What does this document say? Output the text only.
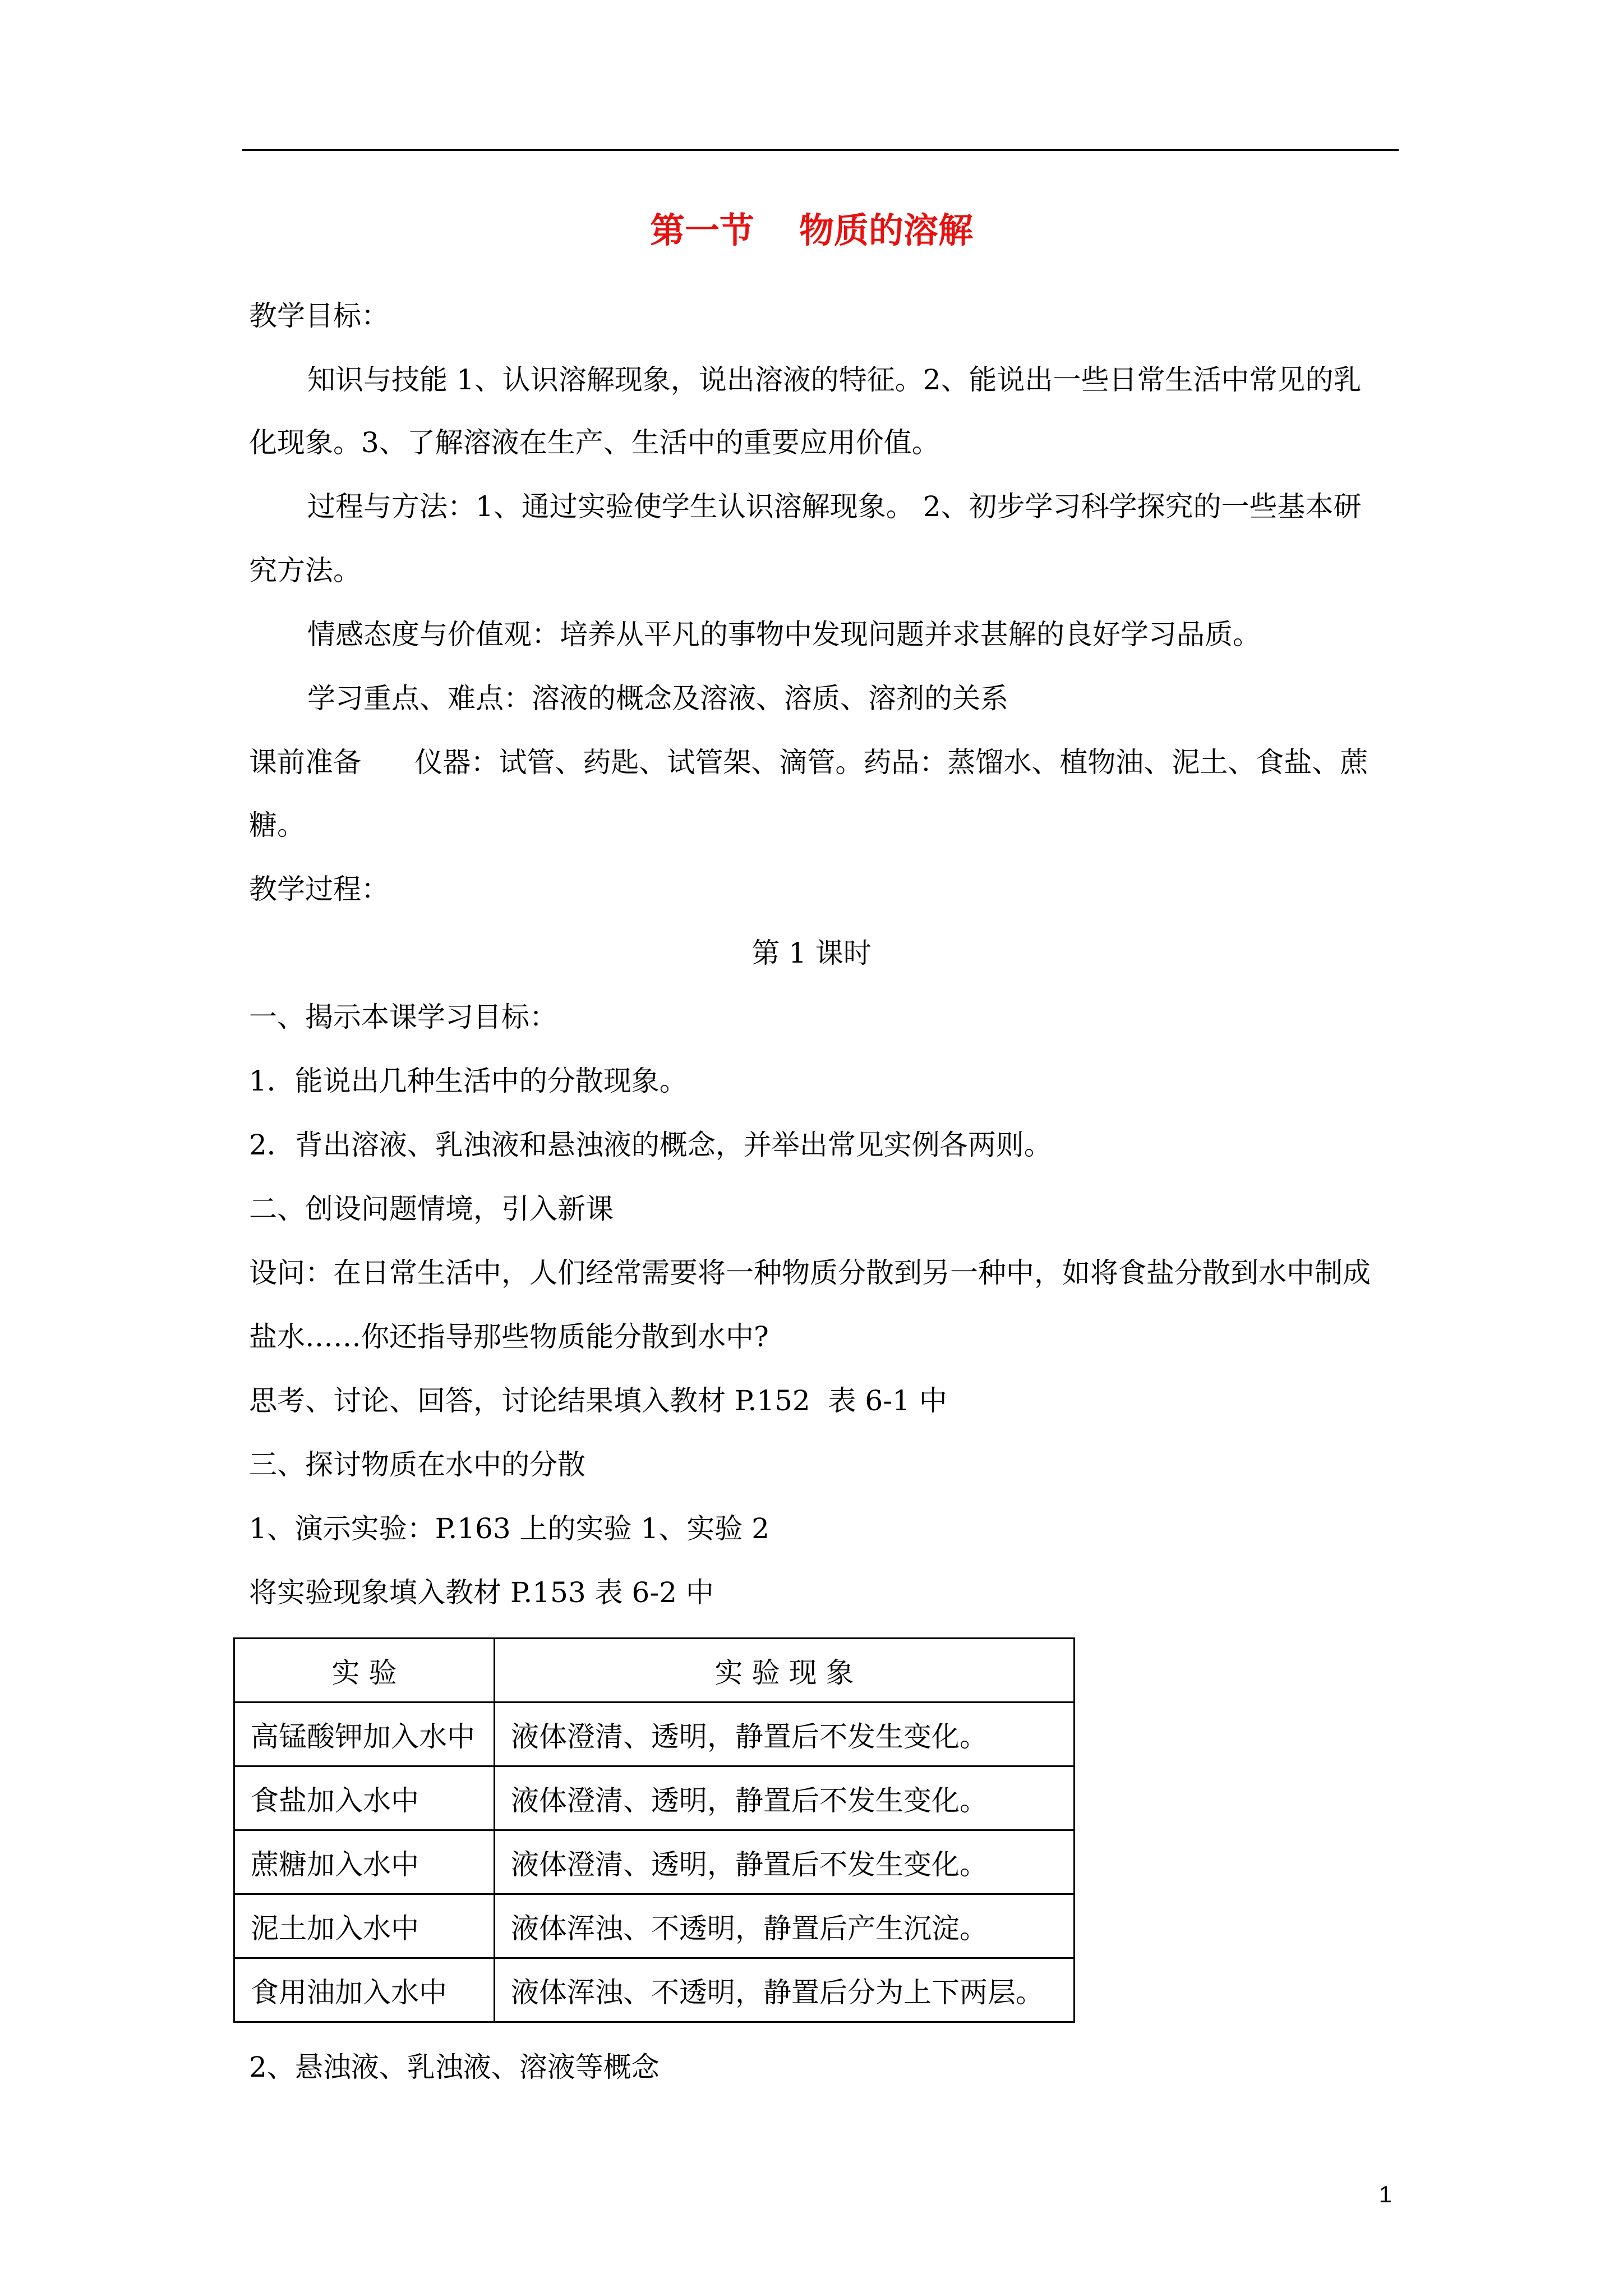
第一节 物质的溶解
教学目标：
知识与技能 1、认识溶解现象，说出溶液的特征。2、能说出一些日常生活中常见的乳
化现象。3、了解溶液在生产、生活中的重要应用价值。
过程与方法：1、通过实验使学生认识溶解现象。 2、初步学习科学探究的一些基本研
究方法。
情感态度与价值观：培养从平凡的事物中发现问题并求甚解的良好学习品质。
学习重点、难点：溶液的概念及溶液、溶质、溶剂的关系
课前准备      仪器：试管、药匙、试管架、滴管。药品：蒸馏水、植物油、泥土、食盐、蔗
糖。
教学过程：
第 1 课时
一、揭示本课学习目标：
1．能说出几种生活中的分散现象。
2．背出溶液、乳浊液和悬浊液的概念，并举出常见实例各两则。
二、创设问题情境，引入新课
设问：在日常生活中，人们经常需要将一种物质分散到另一种中，如将食盐分散到水中制成
盐水……你还指导那些物质能分散到水中?
思考、讨论、回答，讨论结果填入教材 P.152  表 6-1 中
三、探讨物质在水中的分散
1、演示实验：P.163 上的实验 1、实验 2
将实验现象填入教材 P.153 表 6-2 中
实 验	实 验 现 象
高锰酸钾加入水中	液体澄清、透明，静置后不发生变化。
食盐加入水中	液体澄清、透明，静置后不发生变化。
蔗糖加入水中	液体澄清、透明，静置后不发生变化。
泥土加入水中	液体浑浊、不透明，静置后产生沉淀。
食用油加入水中	液体浑浊、不透明，静置后分为上下两层。
2、悬浊液、乳浊液、溶液等概念
1
